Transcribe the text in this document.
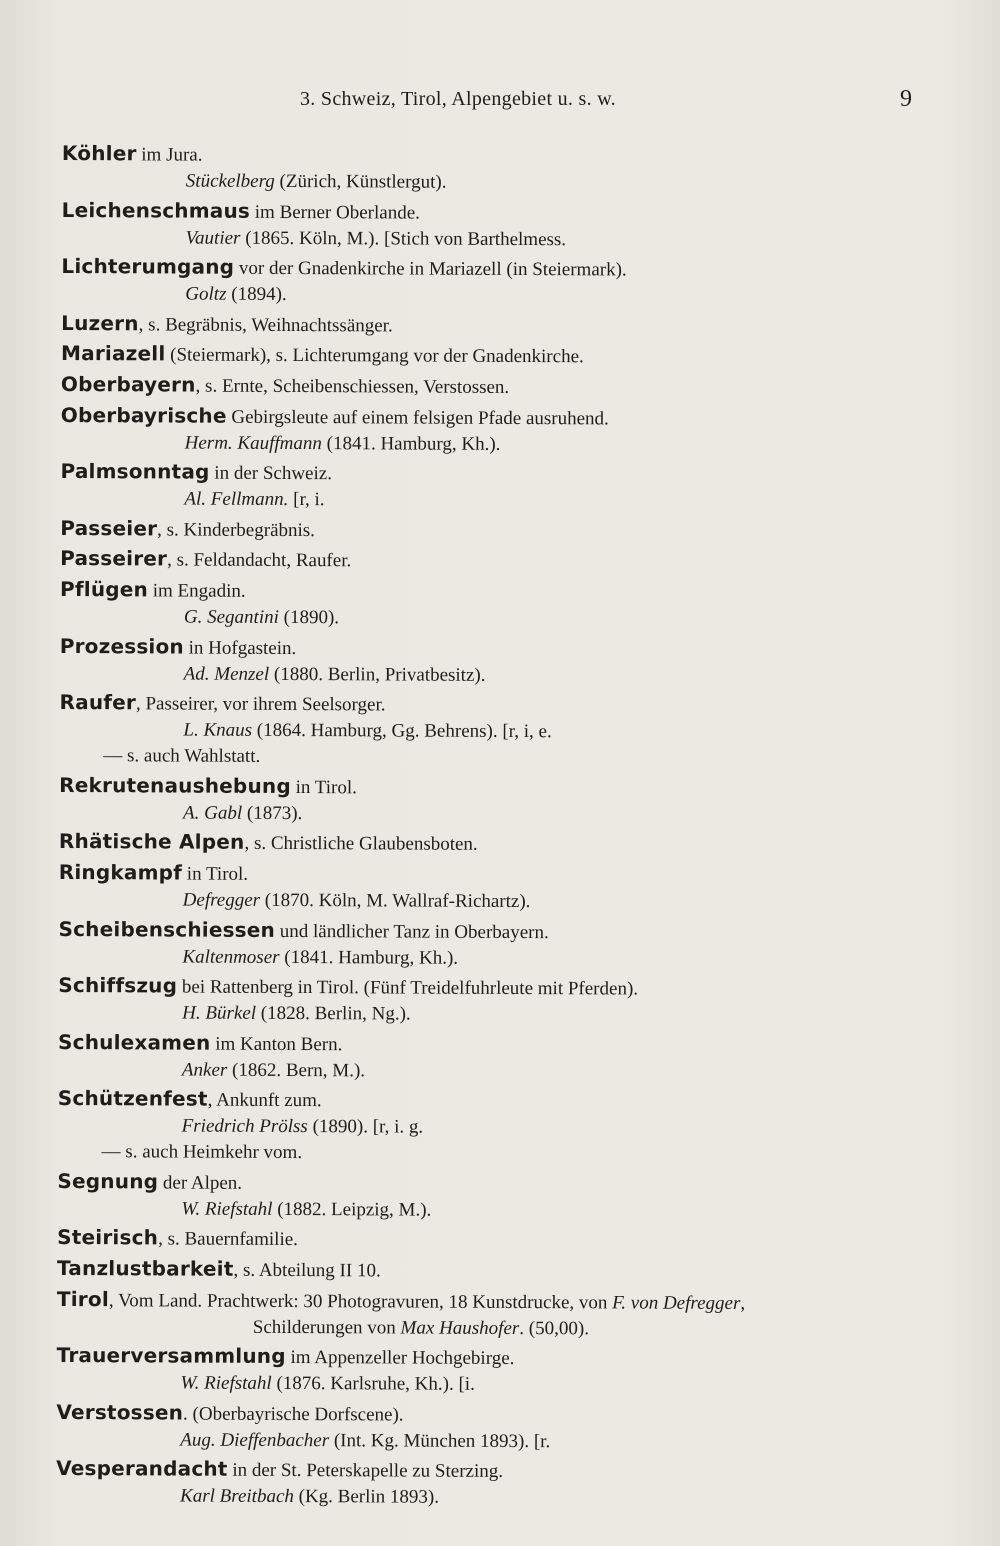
3. Schweiz, Tirol, Alpengebiet u. s. w.	9
Köhler im Jura.
Stückelberg (Zürich, Künstlergut).
Leichenschmaus im Berner Oberlande.
Vautier (1865. Köln, M.). [Stich von Barthelmess.
Lichterumgang vor der Gnadenkirche in Mariazell (in Steiermark).
Goltz (1894).
Luzern, s. Begräbnis, Weihnachtssänger.
Mariazell (Steiermark), s. Lichterumgang vor der Gnadenkirche.
Oberbayern, s. Ernte, Scheibenschiessen, Verstossen.
Oberbayrische Gebirgsleute auf einem felsigen Pfade ausruhend.
Herm. Kauffmann (1841. Hamburg, Kh.).
Palmsonntag in der Schweiz.
Al. Fellmann. [r, i.
Passeier, s. Kinderbegräbnis.
Passeirer, s. Feldandacht, Raufer.
Pflügen im Engadin.
G. Segantini (1890).
Prozession in Hofgastein.
Ad. Menzel (1880. Berlin, Privatbesitz).
Raufer, Passeirer, vor ihrem Seelsorger.
L. Knaus (1864. Hamburg, Gg. Behrens). [r, i, e.
— s. auch Wahlstatt.
Rekrutenaushebung in Tirol.
A. Gabl (1873).
Rhätische Alpen, s. Christliche Glaubensboten.
Ringkampf in Tirol.
Defregger (1870. Köln, M. Wallraf-Richartz).
Scheibenschiessen und ländlicher Tanz in Oberbayern.
Kaltenmoser (1841. Hamburg, Kh.).
Schiffszug bei Rattenberg in Tirol. (Fünf Treidelfuhrleute mit Pferden).
H. Bürkel (1828. Berlin, Ng.).
Schulexamen im Kanton Bern.
Anker (1862. Bern, M.).
Schützenfest, Ankunft zum.
Friedrich Prölss (1890). [r, i. g.
— s. auch Heimkehr vom.
Segnung der Alpen.
W. Riefstahl (1882. Leipzig, M.).
Steirisch, s. Bauernfamilie.
Tanzlustbarkeit, s. Abteilung II 10.
Tirol, Vom Land. Prachtwerk: 30 Photogravuren, 18 Kunstdrucke, von F. von Defregger,
Schilderungen von Max Haushofer. (50,00).
Trauerversammlung im Appenzeller Hochgebirge.
W. Riefstahl (1876. Karlsruhe, Kh.). [i.
Verstossen. (Oberbayrische Dorfscene).
Aug. Dieffenbacher (Int. Kg. München 1893). [r.
Vesperandacht in der St. Peterskapelle zu Sterzing.
Karl Breitbach (Kg. Berlin 1893).
